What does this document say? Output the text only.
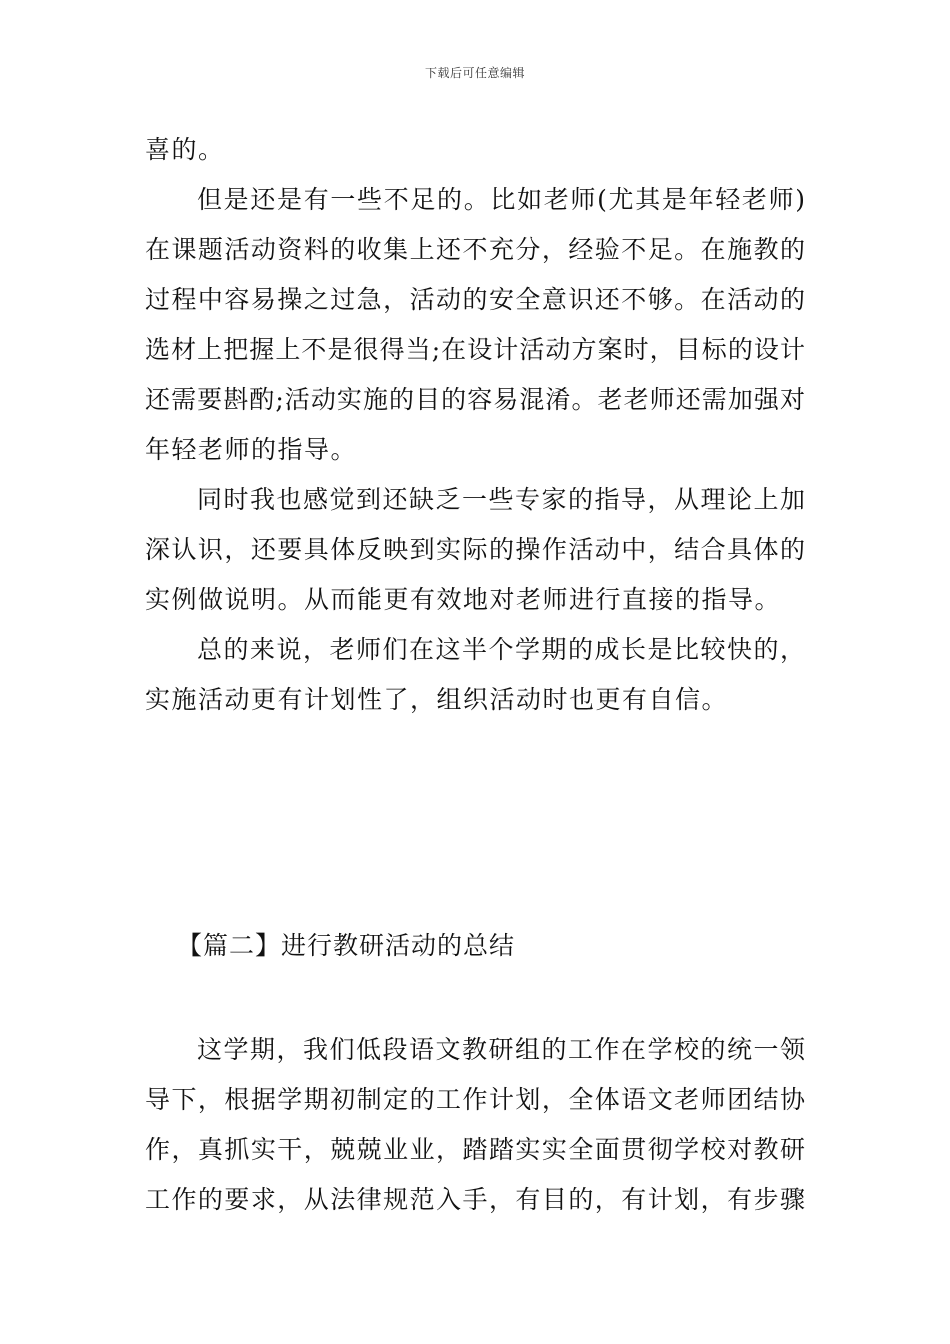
下载后可任意编辑
喜的。
但是还是有一些不足的。比如老师(尤其是年轻老师)
在课题活动资料的收集上还不充分，经验不足。在施教的
过程中容易操之过急，活动的安全意识还不够。在活动的
选材上把握上不是很得当;在设计活动方案时，目标的设计
还需要斟酌;活动实施的目的容易混淆。老老师还需加强对
年轻老师的指导。
同时我也感觉到还缺乏一些专家的指导，从理论上加
深认识，还要具体反映到实际的操作活动中，结合具体的
实例做说明。从而能更有效地对老师进行直接的指导。
总的来说，老师们在这半个学期的成长是比较快的，
实施活动更有计划性了，组织活动时也更有自信。
【篇二】进行教研活动的总结
这学期，我们低段语文教研组的工作在学校的统一领
导下，根据学期初制定的工作计划，全体语文老师团结协
作，真抓实干，兢兢业业，踏踏实实全面贯彻学校对教研
工作的要求，从法律规范入手，有目的，有计划，有步骤
